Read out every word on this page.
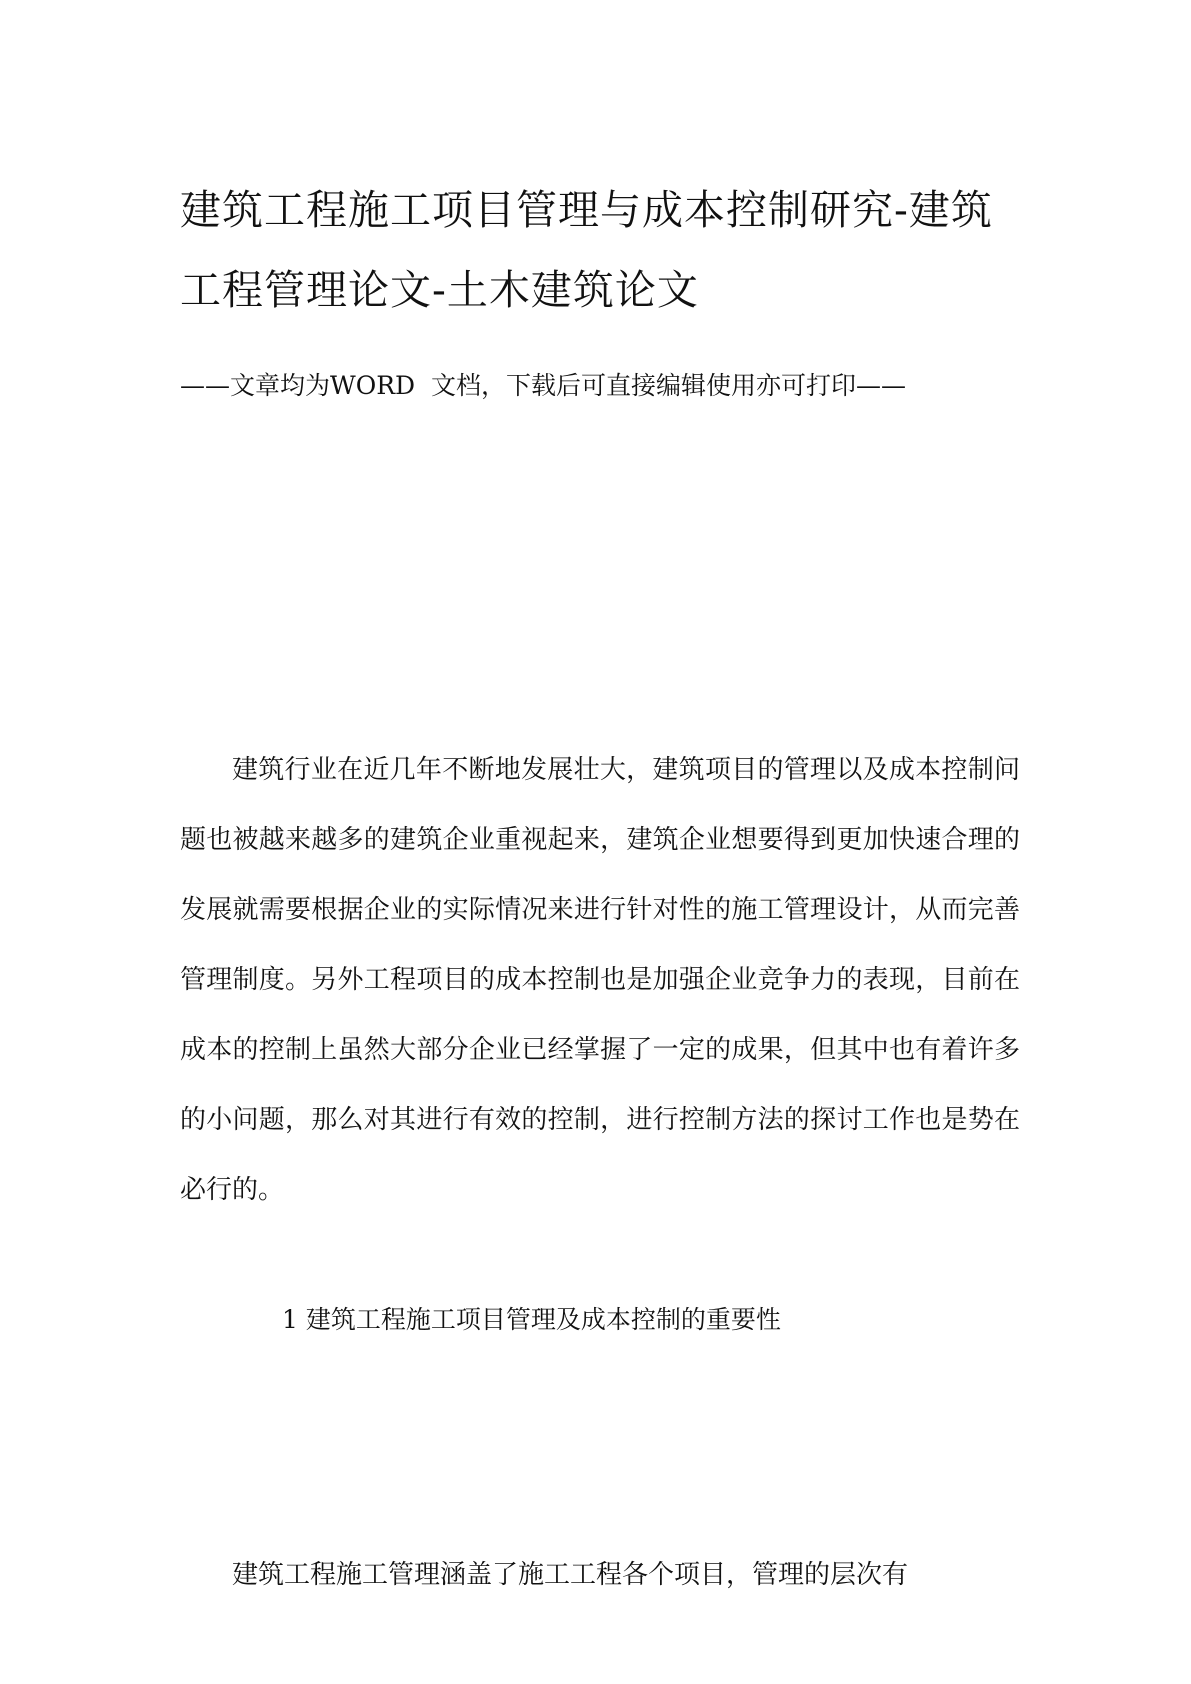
建筑工程施工项目管理与成本控制研究-建筑工程管理论文-土木建筑论文

——文章均为WORD  文档，下载后可直接编辑使用亦可打印——

建筑行业在近几年不断地发展壮大，建筑项目的管理以及成本控制问题也被越来越多的建筑企业重视起来，建筑企业想要得到更加快速合理的发展就需要根据企业的实际情况来进行针对性的施工管理设计，从而完善管理制度。另外工程项目的成本控制也是加强企业竞争力的表现，目前在成本的控制上虽然大部分企业已经掌握了一定的成果，但其中也有着许多的小问题，那么对其进行有效的控制，进行控制方法的探讨工作也是势在必行的。

1 建筑工程施工项目管理及成本控制的重要性

建筑工程施工管理涵盖了施工工程各个项目，管理的层次有
